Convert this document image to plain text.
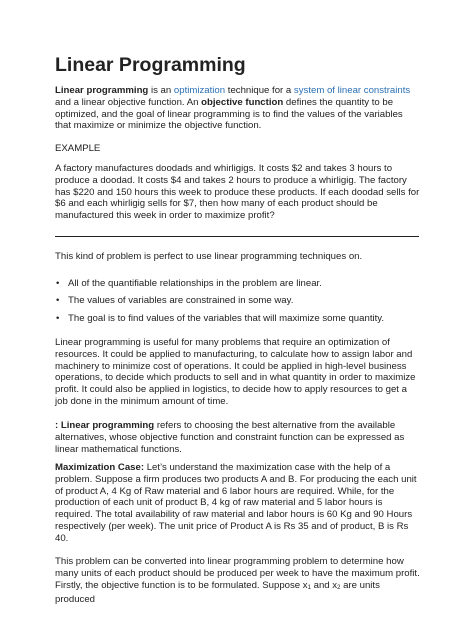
Linear Programming

Linear programming is an optimization technique for a system of linear constraints and a linear objective function. An objective function defines the quantity to be optimized, and the goal of linear programming is to find the values of the variables that maximize or minimize the objective function.

EXAMPLE

A factory manufactures doodads and whirligigs. It costs $2 and takes 3 hours to produce a doodad. It costs $4 and takes 2 hours to produce a whirligig. The factory has $220 and 150 hours this week to produce these products. If each doodad sells for $6 and each whirligig sells for $7, then how many of each product should be manufactured this week in order to maximize profit?

This kind of problem is perfect to use linear programming techniques on.

• All of the quantifiable relationships in the problem are linear.
• The values of variables are constrained in some way.
• The goal is to find values of the variables that will maximize some quantity.

Linear programming is useful for many problems that require an optimization of resources. It could be applied to manufacturing, to calculate how to assign labor and machinery to minimize cost of operations. It could be applied in high-level business operations, to decide which products to sell and in what quantity in order to maximize profit. It could also be applied in logistics, to decide how to apply resources to get a job done in the minimum amount of time.

: Linear programming refers to choosing the best alternative from the available alternatives, whose objective function and constraint function can be expressed as linear mathematical functions.

Maximization Case: Let’s understand the maximization case with the help of a problem. Suppose a firm produces two products A and B. For producing the each unit of product A, 4 Kg of Raw material and 6 labor hours are required. While, for the production of each unit of product B, 4 kg of raw material and 5 labor hours is required. The total availability of raw material and labor hours is 60 Kg and 90 Hours respectively (per week). The unit price of Product A is Rs 35 and of product, B is Rs 40.

This problem can be converted into linear programming problem to determine how many units of each product should be produced per week to have the maximum profit. Firstly, the objective function is to be formulated. Suppose $x_1$ and $x_2$ are units produced
